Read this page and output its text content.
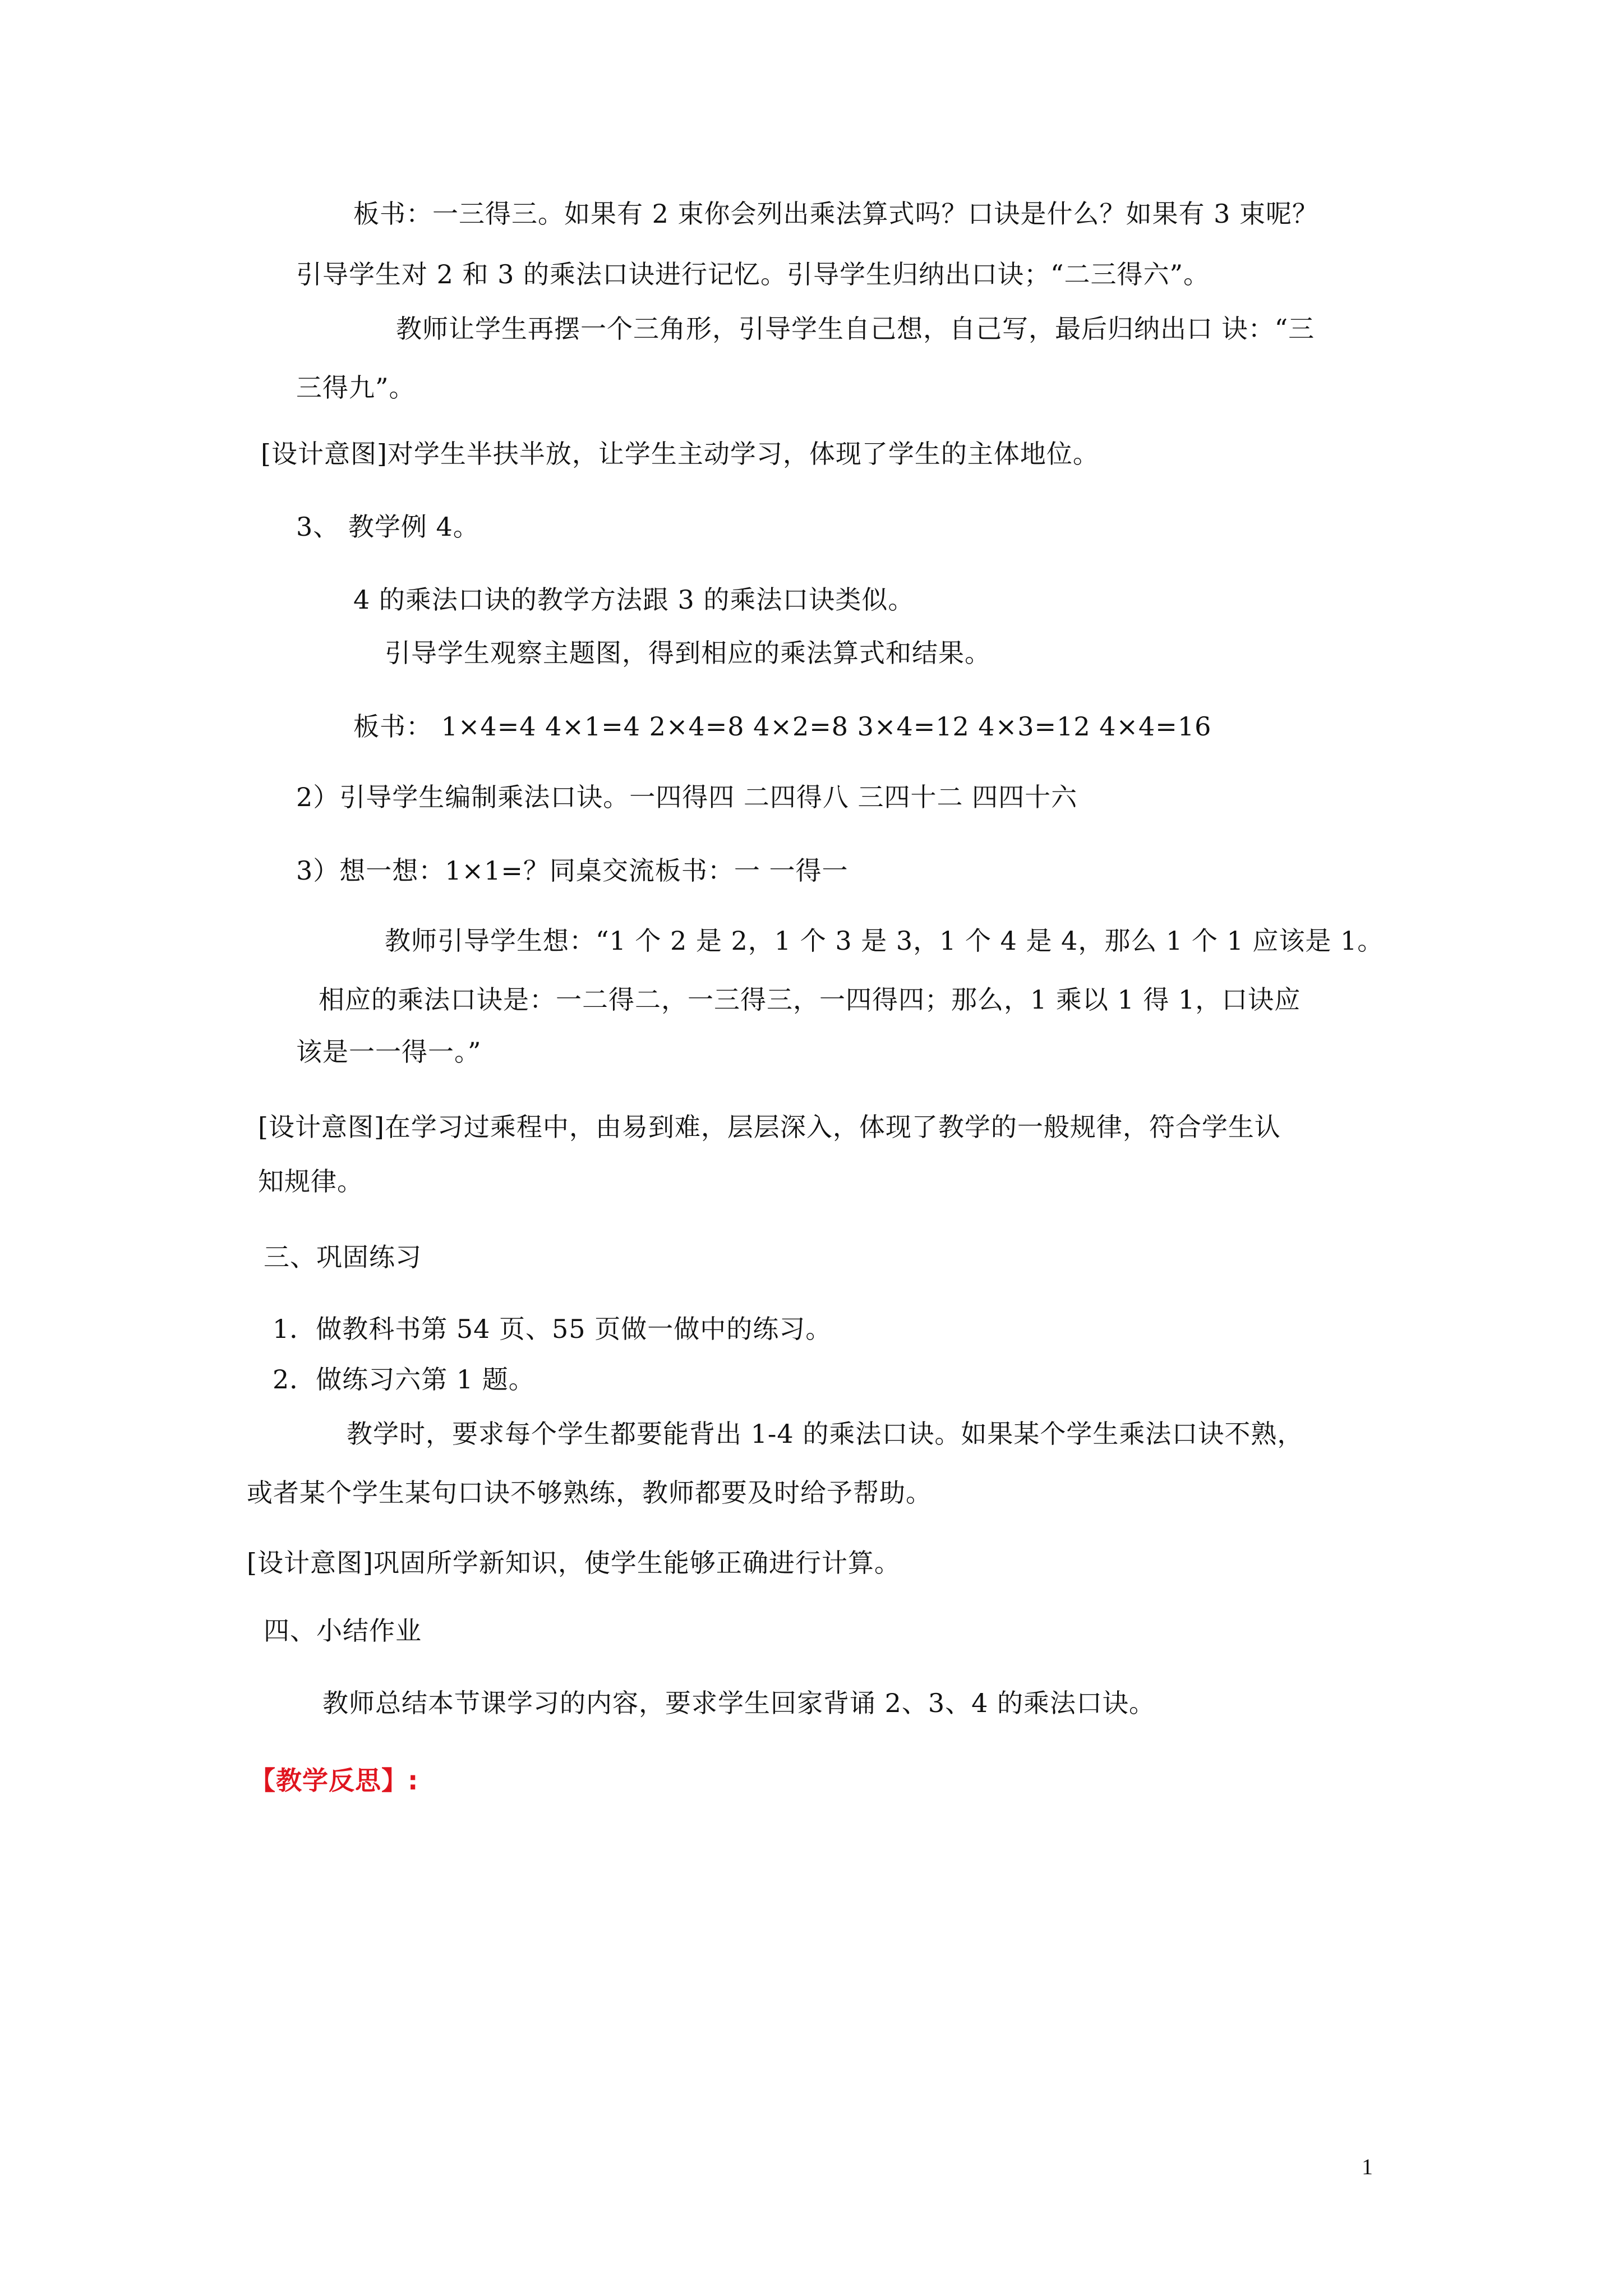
板书：一三得三。如果有 2 束你会列出乘法算式吗？口诀是什么？如果有 3 束呢？
引导学生对 2 和 3 的乘法口诀进行记忆。引导学生归纳出口诀；“二三得六”。
教师让学生再摆一个三角形，引导学生自己想，自己写，最后归纳出口 诀：“三
三得九”。
[设计意图]对学生半扶半放，让学生主动学习，体现了学生的主体地位。
3、 教学例 4。
4 的乘法口诀的教学方法跟 3 的乘法口诀类似。
引导学生观察主题图，得到相应的乘法算式和结果。
板书： 1×4=4 4×1=4 2×4=8 4×2=8 3×4=12 4×3=12 4×4=16
2）引导学生编制乘法口诀。一四得四 二四得八 三四十二 四四十六
3）想一想：1×1=？同桌交流板书：一 一得一
教师引导学生想：“1 个 2 是 2，1 个 3 是 3，1 个 4 是 4，那么 1 个 1 应该是 1。
相应的乘法口诀是：一二得二，一三得三，一四得四；那么，1 乘以 1 得 1，口诀应
该是一一得一。”
[设计意图]在学习过乘程中，由易到难，层层深入，体现了教学的一般规律，符合学生认
知规律。
三、巩固练习
1．做教科书第 54 页、55 页做一做中的练习。
2．做练习六第 1 题。
教学时，要求每个学生都要能背出 1-4 的乘法口诀。如果某个学生乘法口诀不熟，
或者某个学生某句口诀不够熟练，教师都要及时给予帮助。
[设计意图]巩固所学新知识，使学生能够正确进行计算。
四、小结作业
教师总结本节课学习的内容，要求学生回家背诵 2、3、4 的乘法口诀。
【教学反思】:
1
